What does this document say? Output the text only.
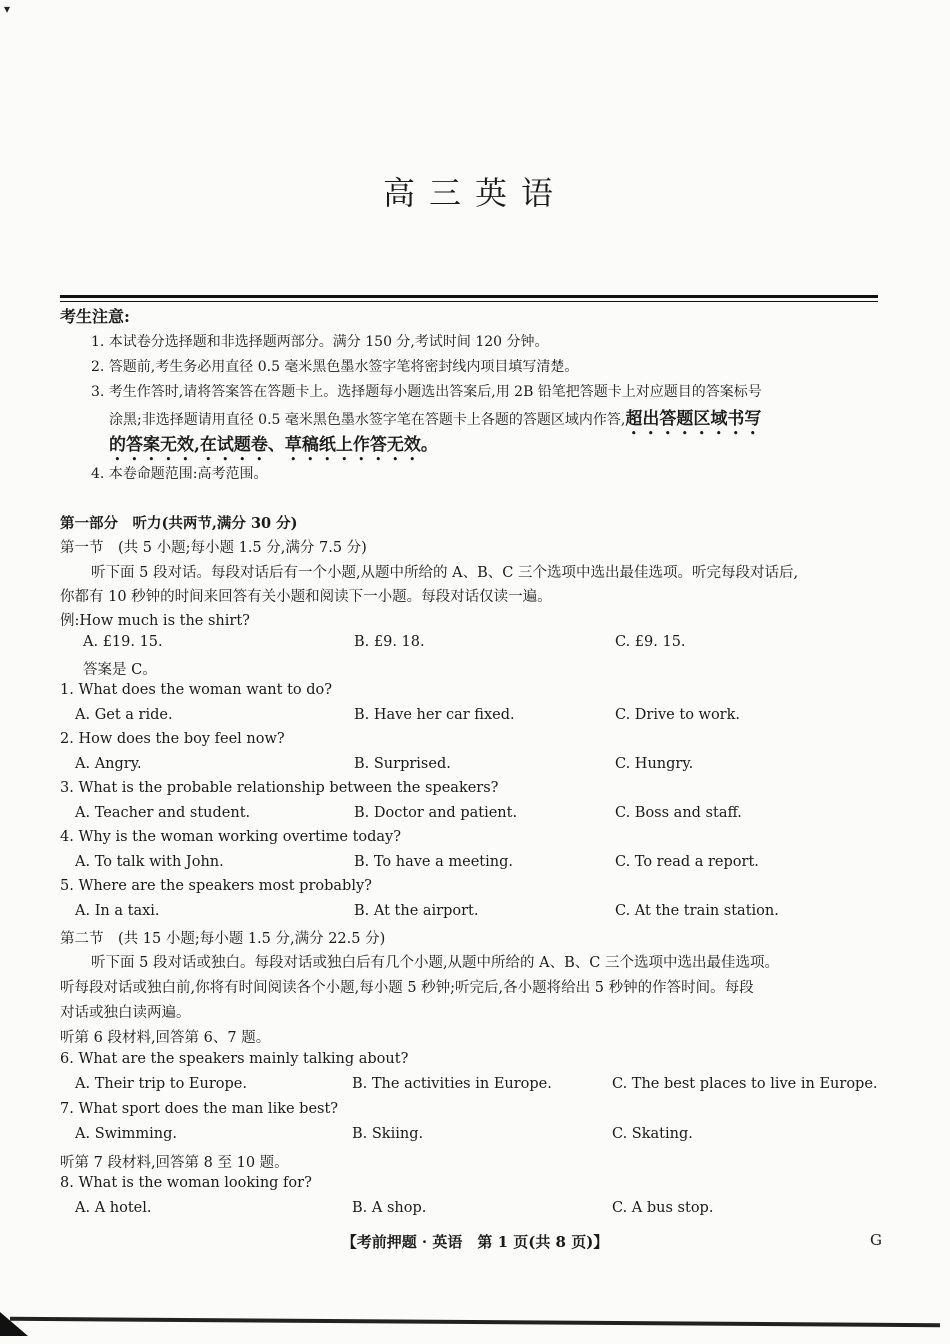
▾
高三英语
考生注意:
1. 本试卷分选择题和非选择题两部分。满分 150 分,考试时间 120 分钟。
2. 答题前,考生务必用直径 0.5 毫米黑色墨水签字笔将密封线内项目填写清楚。
3. 考生作答时,请将答案答在答题卡上。选择题每小题选出答案后,用 2B 铅笔把答题卡上对应题目的答案标号
涂黑;非选择题请用直径 0.5 毫米黑色墨水签字笔在答题卡上各题的答题区域内作答,超出答题区域书写
的答案无效,在试题卷、草稿纸上作答无效。
4. 本卷命题范围:高考范围。
第一部分　听力(共两节,满分 30 分)
第一节　(共 5 小题;每小题 1.5 分,满分 7.5 分)
听下面 5 段对话。每段对话后有一个小题,从题中所给的 A、B、C 三个选项中选出最佳选项。听完每段对话后,
你都有 10 秒钟的时间来回答有关小题和阅读下一小题。每段对话仅读一遍。
例:How much is the shirt?
A. £19. 15.	B. £9. 18.	C. £9. 15.
答案是 C。
1. What does the woman want to do?
A. Get a ride.	B. Have her car fixed.	C. Drive to work.
2. How does the boy feel now?
A. Angry.	B. Surprised.	C. Hungry.
3. What is the probable relationship between the speakers?
A. Teacher and student.	B. Doctor and patient.	C. Boss and staff.
4. Why is the woman working overtime today?
A. To talk with John.	B. To have a meeting.	C. To read a report.
5. Where are the speakers most probably?
A. In a taxi.	B. At the airport.	C. At the train station.
第二节　(共 15 小题;每小题 1.5 分,满分 22.5 分)
听下面 5 段对话或独白。每段对话或独白后有几个小题,从题中所给的 A、B、C 三个选项中选出最佳选项。
听每段对话或独白前,你将有时间阅读各个小题,每小题 5 秒钟;听完后,各小题将给出 5 秒钟的作答时间。每段
对话或独白读两遍。
听第 6 段材料,回答第 6、7 题。
6. What are the speakers mainly talking about?
A. Their trip to Europe.	B. The activities in Europe.	C. The best places to live in Europe.
7. What sport does the man like best?
A. Swimming.	B. Skiing.	C. Skating.
听第 7 段材料,回答第 8 至 10 题。
8. What is the woman looking for?
A. A hotel.	B. A shop.	C. A bus stop.
【考前押题 · 英语　第 1 页(共 8 页)】	G
